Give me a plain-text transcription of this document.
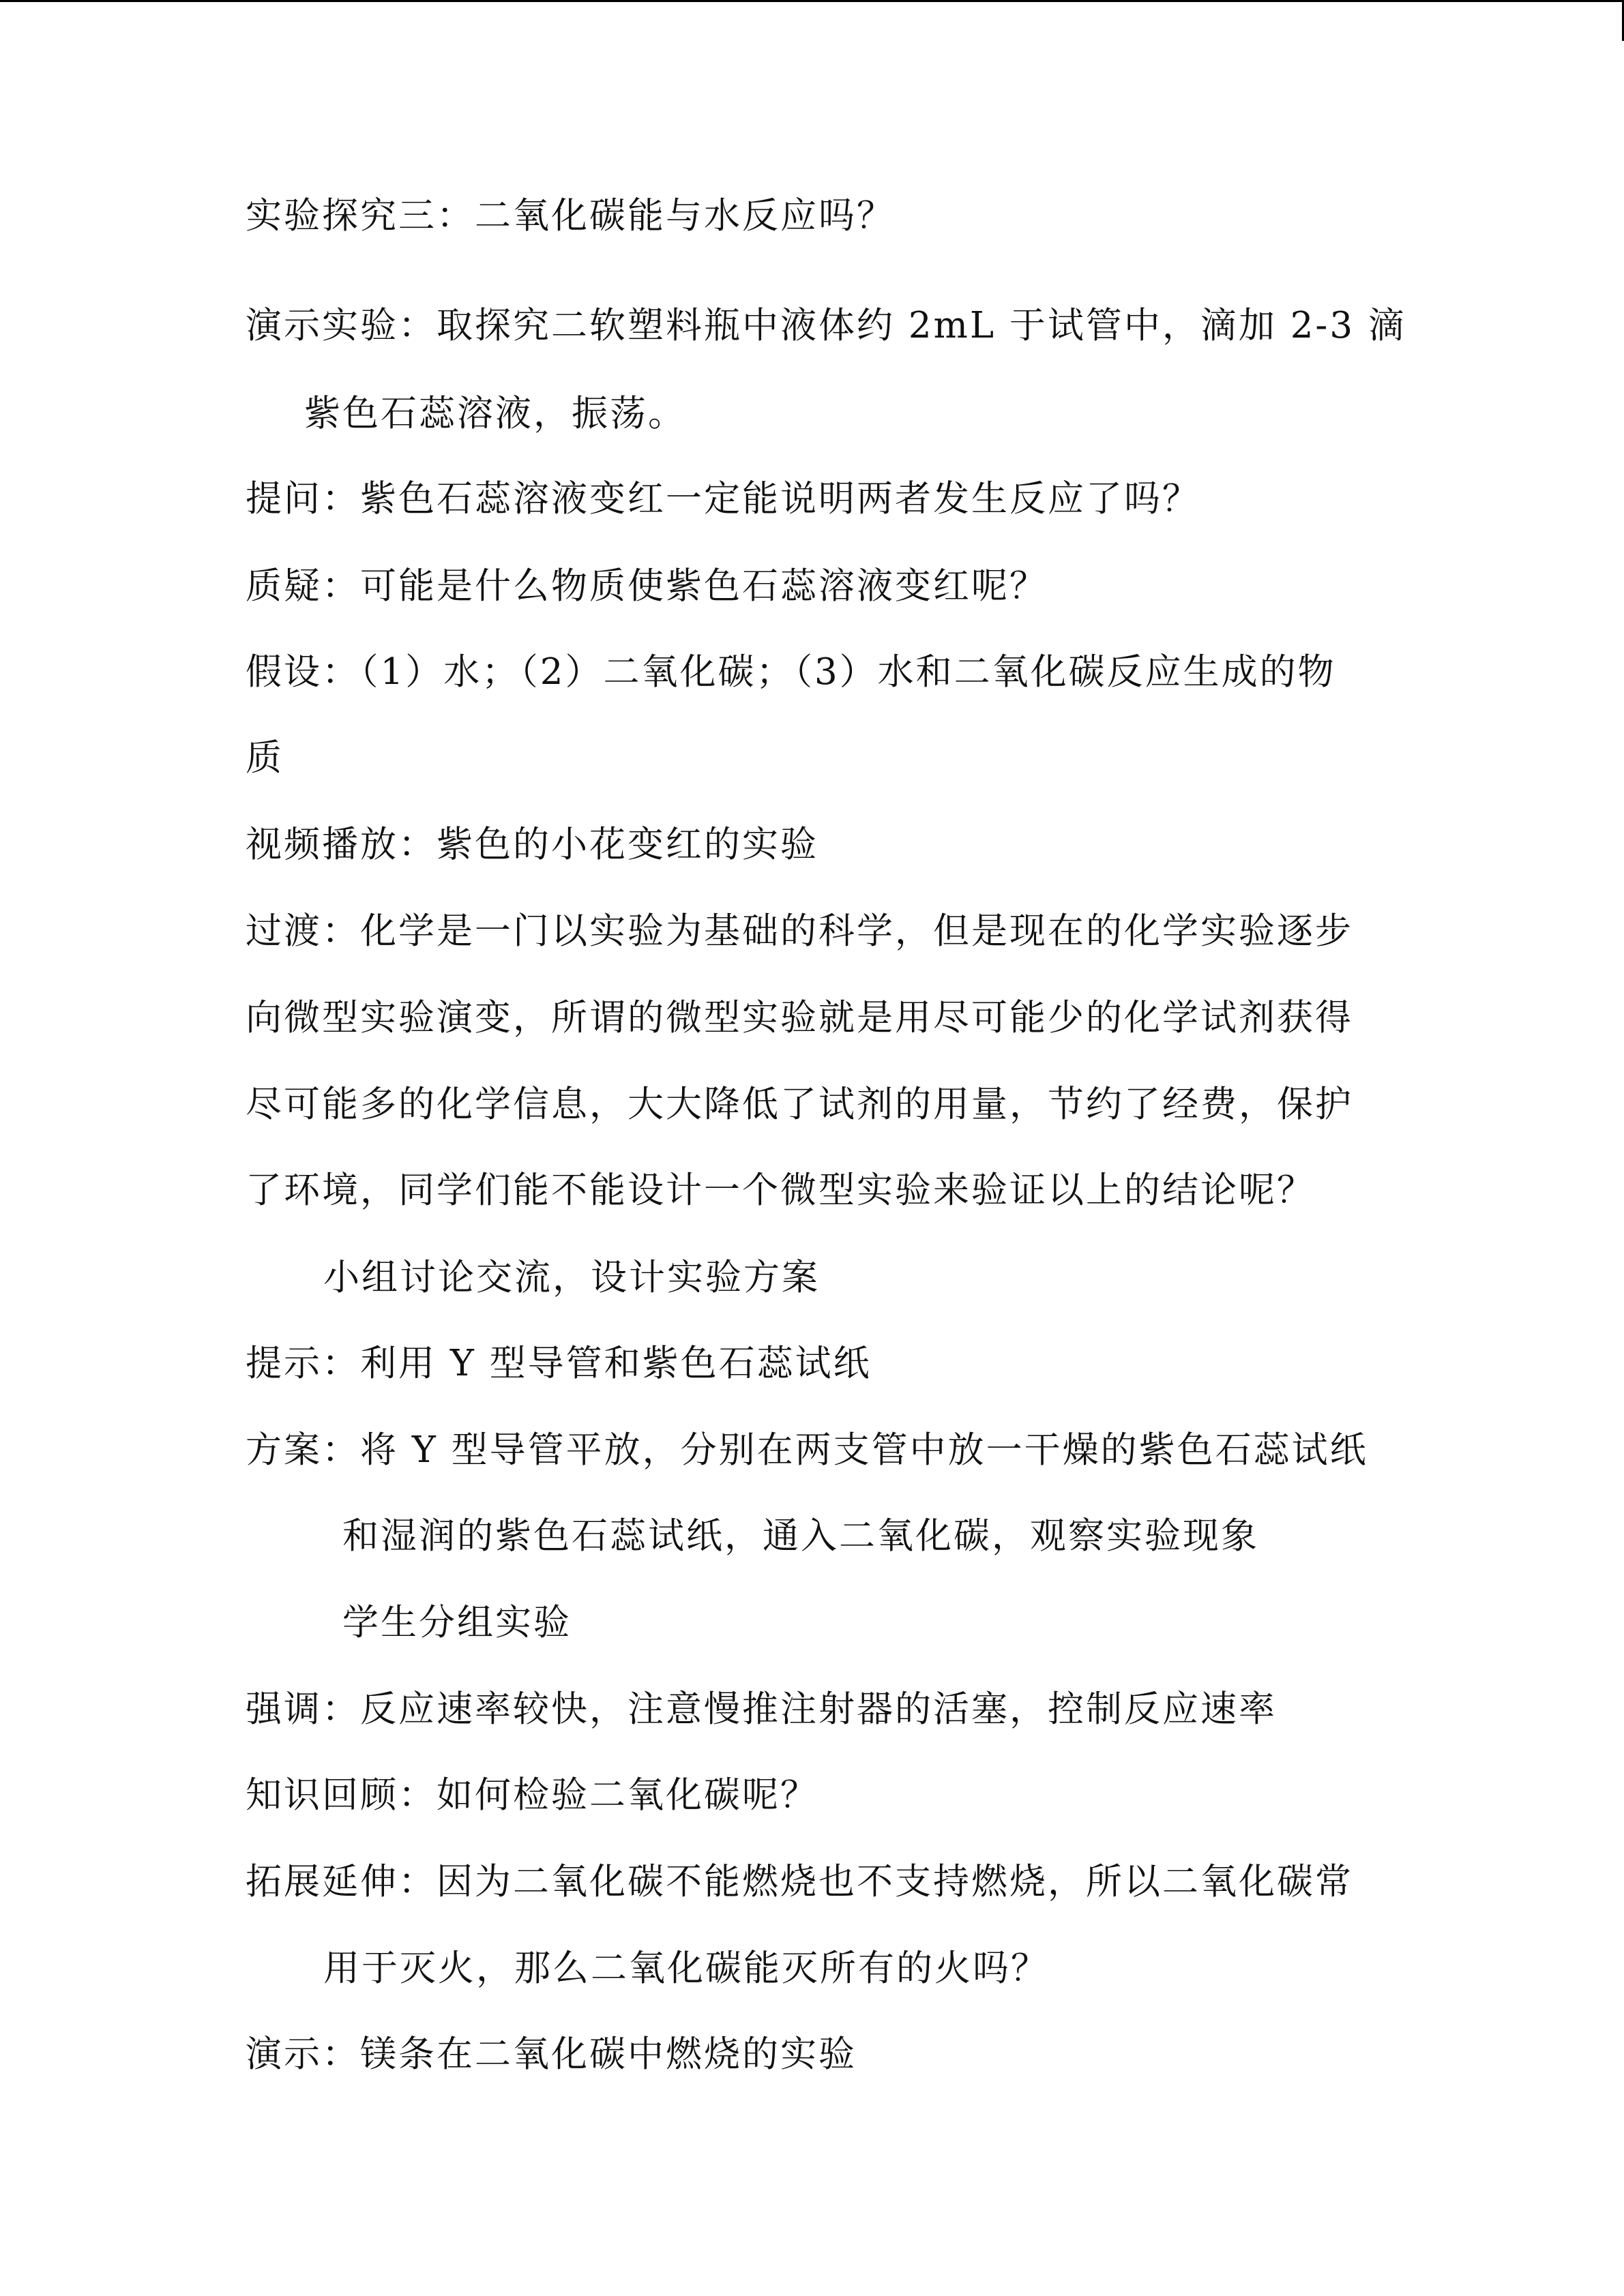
实验探究三：二氧化碳能与水反应吗？
演示实验：取探究二软塑料瓶中液体约 2mL 于试管中，滴加 2-3 滴
紫色石蕊溶液，振荡。
提问：紫色石蕊溶液变红一定能说明两者发生反应了吗？
质疑：可能是什么物质使紫色石蕊溶液变红呢？
假设：（1）水；（2）二氧化碳；（3）水和二氧化碳反应生成的物
质
视频播放：紫色的小花变红的实验
过渡：化学是一门以实验为基础的科学，但是现在的化学实验逐步
向微型实验演变，所谓的微型实验就是用尽可能少的化学试剂获得
尽可能多的化学信息，大大降低了试剂的用量，节约了经费，保护
了环境，同学们能不能设计一个微型实验来验证以上的结论呢？
小组讨论交流，设计实验方案
提示：利用 Y 型导管和紫色石蕊试纸
方案：将 Y 型导管平放，分别在两支管中放一干燥的紫色石蕊试纸
和湿润的紫色石蕊试纸，通入二氧化碳，观察实验现象
学生分组实验
强调：反应速率较快，注意慢推注射器的活塞，控制反应速率
知识回顾：如何检验二氧化碳呢？
拓展延伸：因为二氧化碳不能燃烧也不支持燃烧，所以二氧化碳常
用于灭火，那么二氧化碳能灭所有的火吗？
演示：镁条在二氧化碳中燃烧的实验
